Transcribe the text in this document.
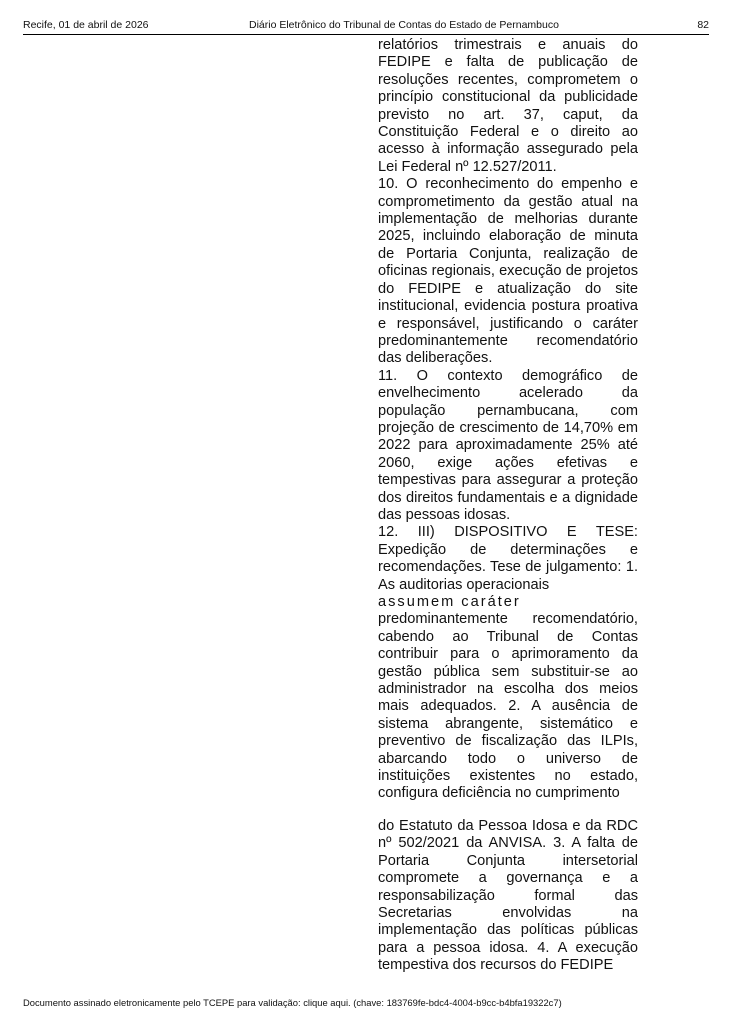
Recife, 01 de abril de 2026	Diário Eletrônico do Tribunal de Contas do Estado de Pernambuco	82

relatórios trimestrais e anuais do FEDIPE e falta de publicação de resoluções recentes, comprometem o princípio constitucional da publicidade previsto no art. 37, caput, da Constituição Federal e o direito ao acesso à informação assegurado pela Lei Federal nº 12.527/2011.

10. O reconhecimento do empenho e comprometimento da gestão atual na implementação de melhorias durante 2025, incluindo elaboração de minuta de Portaria Conjunta, realização de oficinas regionais, execução de projetos do FEDIPE e atualização do site institucional, evidencia postura proativa e responsável, justificando o caráter predominantemente recomendatório das deliberações.

11. O contexto demográfico de envelhecimento acelerado da população pernambucana, com projeção de crescimento de 14,70% em 2022 para aproximadamente 25% até 2060, exige ações efetivas e tempestivas para assegurar a proteção dos direitos fundamentais e a dignidade das pessoas idosas.

12. III) DISPOSITIVO E TESE: Expedição de determinações e recomendações. Tese de julgamento: 1. As auditorias operacionais

assumem caráter

predominantemente recomendatório, cabendo ao Tribunal de Contas contribuir para o aprimoramento da gestão pública sem substituir-se ao administrador na escolha dos meios mais adequados. 2. A ausência de sistema abrangente, sistemático e preventivo de fiscalização das ILPIs, abarcando todo o universo de instituições existentes no estado, configura deficiência no cumprimento

do Estatuto da Pessoa Idosa e da RDC nº 502/2021 da ANVISA. 3. A falta de Portaria Conjunta intersetorial compromete a governança e a responsabilização formal das Secretarias envolvidas na implementação das políticas públicas para a pessoa idosa. 4. A execução tempestiva dos recursos do FEDIPE

Documento assinado eletronicamente pelo TCEPE para validação: clique aqui. (chave: 183769fe-bdc4-4004-b9cc-b4bfa19322c7)
